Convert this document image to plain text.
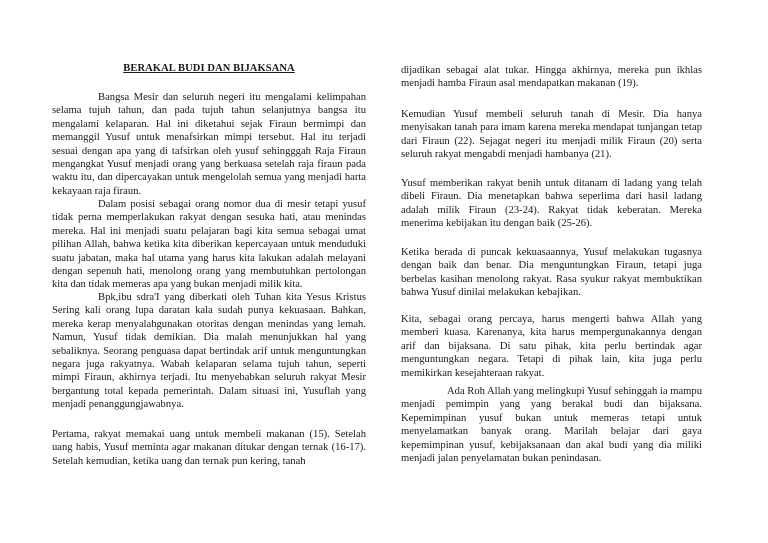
BERAKAL BUDI DAN BIJAKSANA

Bangsa Mesir dan seluruh negeri itu mengalami kelimpahan selama tujuh tahun, dan pada tujuh tahun selanjutnya bangsa itu mengalami kelaparan. Hal ini diketahui sejak Firaun bermimpi dan memanggil Yusuf untuk menafsirkan mimpi tersebut. Hal itu terjadi sesuai dengan apa yang di tafsirkan oleh yusuf sehingggah Raja Firaun mengangkat Yusuf menjadi orang yang berkuasa setelah raja firaun pada waktu itu, dan dipercayakan untuk mengelolah semua yang menjadi harta kekayaan raja firaun.

Dalam posisi sebagai orang nomor dua di mesir tetapi yusuf tidak perna memperlakukan rakyat dengan sesuka hati, atau menindas mereka. Hal ini menjadi suatu pelajaran bagi kita semua sebagai umat pilihan Allah, bahwa ketika kita diberikan kepercayaan untuk menduduki suatu jabatan, maka hal utama yang harus kita lakukan adalah melayani dengan sepenuh hati, menolong orang yang membutuhkan pertolongan kita dan tidak memeras apa yang bukan menjadi milik kita.

Bpk,ibu sdra'I yang diberkati oleh Tuhan kita Yesus Kristus Sering kali orang lupa daratan kala sudah punya kekuasaan. Bahkan, mereka kerap menyalahgunakan otoritas dengan menindas yang lemah. Namun, Yusuf tidak demikian. Dia malah menunjukkan hal yang sebaliknya. Seorang penguasa dapat bertindak arif untuk menguntungkan negara juga rakyatnya. Wabah kelaparan selama tujuh tahun, seperti mimpi Firaun, akhirnya terjadi. Itu menyebabkan seluruh rakyat Mesir bergantung total kepada pemerintah. Dalam situasi ini, Yusuflah yang menjadi penanggungjawabnya.

Pertama, rakyat memakai uang untuk membeli makanan (15). Setelah uang habis, Yusuf meminta agar makanan ditukar dengan ternak (16-17). Setelah kemudian, ketika uang dan ternak pun kering, tanah

dijadikan sebagai alat tukar. Hingga akhirnya, mereka pun ikhlas menjadi hamba Firaun asal mendapatkan makanan (19).

Kemudian Yusuf membeli seluruh tanah di Mesir. Dia hanya menyisakan tanah para imam karena mereka mendapat tunjangan tetap dari Firaun (22). Sejagat negeri itu menjadi milik Firaun (20) serta seluruh rakyat mengabdi menjadi hambanya (21).

Yusuf memberikan rakyat benih untuk ditanam di ladang yang telah dibeli Firaun. Dia menetapkan bahwa seperlima dari hasil ladang adalah milik Firaun (23-24). Rakyat tidak keberatan. Mereka menerima kebijakan itu dengan baik (25-26).

Ketika berada di puncak kekuasaannya, Yusuf melakukan tugasnya dengan baik dan benar. Dia menguntungkan Firaun, tetapi juga berbelas kasihan menolong rakyat. Rasa syukur rakyat membuktikan bahwa Yusuf dinilai melakukan kebajikan.

Kita, sebagai orang percaya, harus mengerti bahwa Allah yang memberi kuasa. Karenanya, kita harus mempergunakannya dengan arif dan bijaksana. Di satu pihak, kita perlu bertindak agar menguntungkan negara. Tetapi di pihak lain, kita juga perlu memikirkan kesejahteraan rakyat.

Ada Roh Allah yang melingkupi Yusuf sehinggah ia mampu menjadi pemimpin yang yang berakal budi dan bijaksana. Kepemimpinan yusuf bukan untuk memeras tetapi untuk menyelamatkan banyak orang. Marilah belajar dari gaya kepemimpinan yusuf, kebijaksanaan dan akal budi yang dia miliki menjadi jalan penyelamatan bukan penindasan.
